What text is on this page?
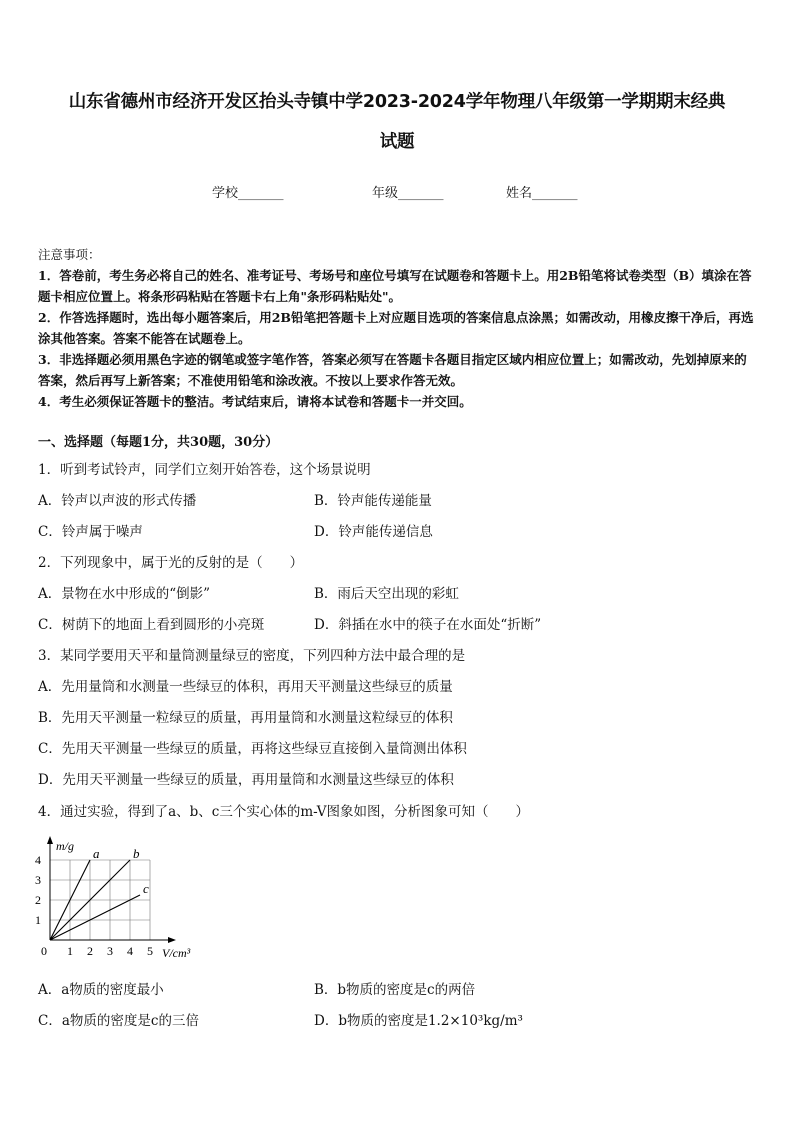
山东省德州市经济开发区抬头寺镇中学2023-2024学年物理八年级第一学期期末经典
试题
学校_______	年级_______	姓名_______

注意事项：

1．答卷前，考生务必将自己的姓名、准考证号、考场号和座位号填写在试题卷和答题卡上。用2B铅笔将试卷类型（B）填涂在答题卡相应位置上。将条形码粘贴在答题卡右上角"条形码粘贴处"。

2．作答选择题时，选出每小题答案后，用2B铅笔把答题卡上对应题目选项的答案信息点涂黑；如需改动，用橡皮擦干净后，再选涂其他答案。答案不能答在试题卷上。

3．非选择题必须用黑色字迹的钢笔或签字笔作答，答案必须写在答题卡各题目指定区域内相应位置上；如需改动，先划掉原来的答案，然后再写上新答案；不准使用铅笔和涂改液。不按以上要求作答无效。

4．考生必须保证答题卡的整洁。考试结束后，请将本试卷和答题卡一并交回。

一、选择题（每题1分，共30题，30分）
1．听到考试铃声，同学们立刻开始答卷，这个场景说明
A．铃声以声波的形式传播	B．铃声能传递能量
C．铃声属于噪声	D．铃声能传递信息
2．下列现象中，属于光的反射的是（　　）
A．景物在水中形成的“倒影”	B．雨后天空出现的彩虹
C．树荫下的地面上看到圆形的小亮斑	D．斜插在水中的筷子在水面处“折断”
3．某同学要用天平和量筒测量绿豆的密度，下列四种方法中最合理的是
A．先用量筒和水测量一些绿豆的体积，再用天平测量这些绿豆的质量
B．先用天平测量一粒绿豆的质量，再用量筒和水测量这粒绿豆的体积
C．先用天平测量一些绿豆的质量，再将这些绿豆直接倒入量筒测出体积
D．先用天平测量一些绿豆的质量，再用量筒和水测量这些绿豆的体积
4．通过实验，得到了a、b、c三个实心体的m-V图象如图，分析图象可知（　　）
0 1 2 3 4 5
1
2
3
4
m/g
V/cm³
a	b
c
A．a物质的密度最小	B．b物质的密度是c的两倍
C．a物质的密度是c的三倍	D．b物质的密度是1.2×10³kg/m³
